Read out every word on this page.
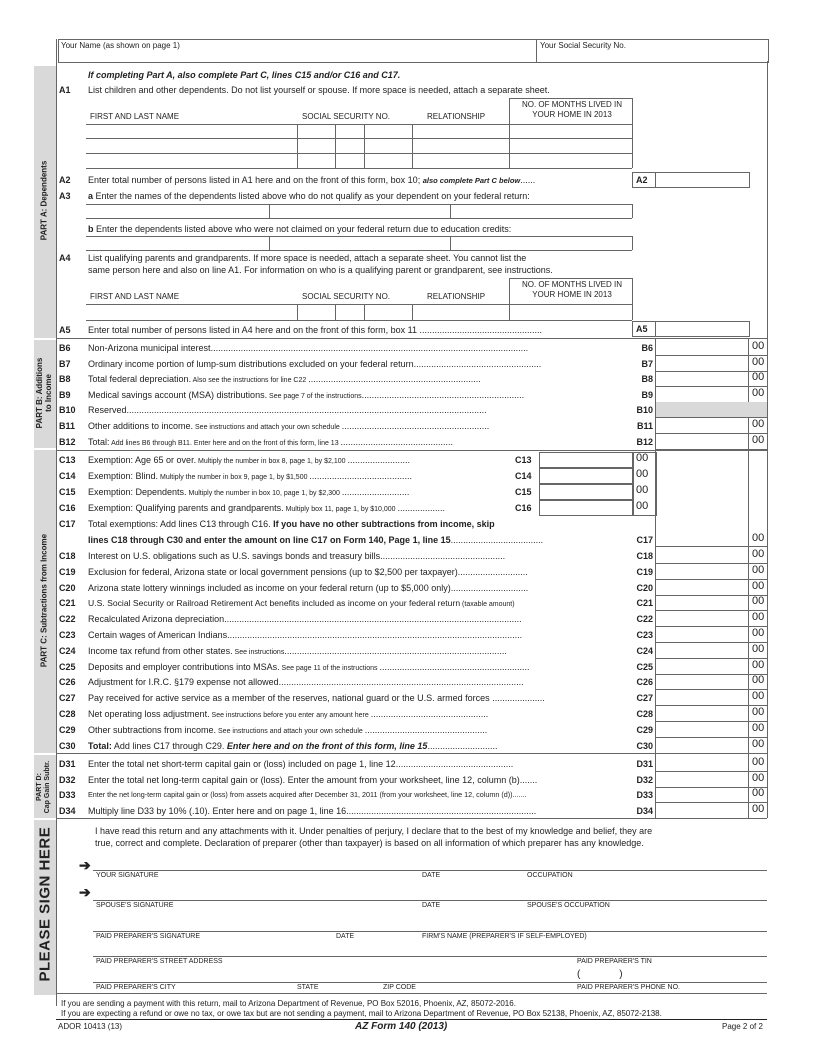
Your Name (as shown on page 1)	Your Social Security No.
PART A: Dependents
PART B: Additions
to Income
PART C: Subtractions from Income
PART D:
Cap Gain Subtr.
If completing Part A, also complete Part C, lines C15 and/or C16 and C17.
A1 List children and other dependents. Do not list yourself or spouse. If more space is needed, attach a separate sheet.
FIRST AND LAST NAME	SOCIAL SECURITY NO.	RELATIONSHIP
NO. OF MONTHS LIVED IN
YOUR HOME IN 2013
A2 Enter total number of persons listed in A1 here and on the front of this form, box 10; also complete Part C below......	A2
A3 a Enter the names of the dependents listed above who do not qualify as your dependent on your federal return:
b Enter the dependents listed above who were not claimed on your federal return due to education credits:
A4 List qualifying parents and grandparents. If more space is needed, attach a separate sheet. You cannot list the
same person here and also on line A1. For information on who is a qualifying parent or grandparent, see instructions.
FIRST AND LAST NAME	SOCIAL SECURITY NO.	RELATIONSHIP
NO. OF MONTHS LIVED IN
YOUR HOME IN 2013
A5 Enter total number of persons listed in A4 here and on the front of this form, box 11 .................................................	A5
B6 Non-Arizona municipal interest...............................................................................................................................	B6	00
B7 Ordinary income portion of lump-sum distributions excluded on your federal return...................................................	B7	00
B8 Total federal depreciation. Also see the instructions for line C22 .....................................................................	B8	00
B9 Medical savings account (MSA) distributions. See page 7 of the instructions.................................................................	B9	00
B10 Reserved................................................................................................................................................	B10
B11 Other additions to income. See instructions and attach your own schedule ...........................................................	B11	00
B12 Total: Add lines B6 through B11. Enter here and on the front of this form, line 13 .............................................	B12	00
C13 Exemption: Age 65 or over. Multiply the number in box 8, page 1, by $2,100 .........................	C13	00
C14 Exemption: Blind. Multiply the number in box 9, page 1, by $1,500 .........................................	C14	00
C15 Exemption: Dependents. Multiply the number in box 10, page 1, by $2,300 ...........................	C15	00
C16 Exemption: Qualifying parents and grandparents. Multiply box 11, page 1, by $10,000 ...................	C16	00
C17 Total exemptions: Add lines C13 through C16. If you have no other subtractions from income, skip
lines C18 through C30 and enter the amount on line C17 on Form 140, Page 1, line 15.....................................	C17	00
C18 Interest on U.S. obligations such as U.S. savings bonds and treasury bills..................................................	C18	00
C19 Exclusion for federal, Arizona state or local government pensions (up to $2,500 per taxpayer)............................	C19	00
C20 Arizona state lottery winnings included as income on your federal return (up to $5,000 only)...............................	C20	00
C21 U.S. Social Security or Railroad Retirement Act benefits included as income on your federal return (taxable amount)	C21	00
C22 Recalculated Arizona depreciation.......................................................................................................................	C22	00
C23 Certain wages of American Indians......................................................................................................................	C23	00
C24 Income tax refund from other states. See instructions.........................................................................................	C24	00
C25 Deposits and employer contributions into MSAs. See page 11 of the instructions ............................................................	C25	00
C26 Adjustment for I.R.C. §179 expense not allowed..................................................................................................	C26	00
C27 Pay received for active service as a member of the reserves, national guard or the U.S. armed forces .....................	C27	00
C28 Net operating loss adjustment. See instructions before you enter any amount here ...............................................	C28	00
C29 Other subtractions from income. See instructions and attach your own schedule .................................................	C29	00
C30 Total: Add lines C17 through C29. Enter here and on the front of this form, line 15............................	C30	00
D31 Enter the total net short-term capital gain or (loss) included on page 1, line 12...............................................	D31	00
D32 Enter the total net long-term capital gain or (loss). Enter the amount from your worksheet, line 12, column (b).......	D32	00
D33 Enter the net long-term capital gain or (loss) from assets acquired after December 31, 2011 (from your worksheet, line 12, column (d)).......	D33	00
D34 Multiply line D33 by 10% (.10). Enter here and on page 1, line 16............................................................................	D34	00
PLEASE SIGN HERE	I have read this return and any attachments with it. Under penalties of perjury, I declare that to the best of my knowledge and belief, they are
true, correct and complete. Declaration of preparer (other than taxpayer) is based on all information of which preparer has any knowledge.
➔
➔
YOUR SIGNATURE	DATE	OCCUPATION
SPOUSE'S SIGNATURE	DATE	SPOUSE'S OCCUPATION
PAID PREPARER'S SIGNATURE	DATE	FIRM'S NAME (PREPARER'S IF SELF-EMPLOYED)
PAID PREPARER'S STREET ADDRESS	PAID PREPARER'S TIN
(              )
PAID PREPARER'S CITY	STATE	ZIP CODE	PAID PREPARER'S PHONE NO.
If you are sending a payment with this return, mail to Arizona Department of Revenue, PO Box 52016, Phoenix, AZ, 85072-2016.
If you are expecting a refund or owe no tax, or owe tax but are not sending a payment, mail to Arizona Department of Revenue, PO Box 52138, Phoenix, AZ, 85072-2138.
ADOR 10413 (13)	AZ Form 140 (2013)	Page 2 of 2
